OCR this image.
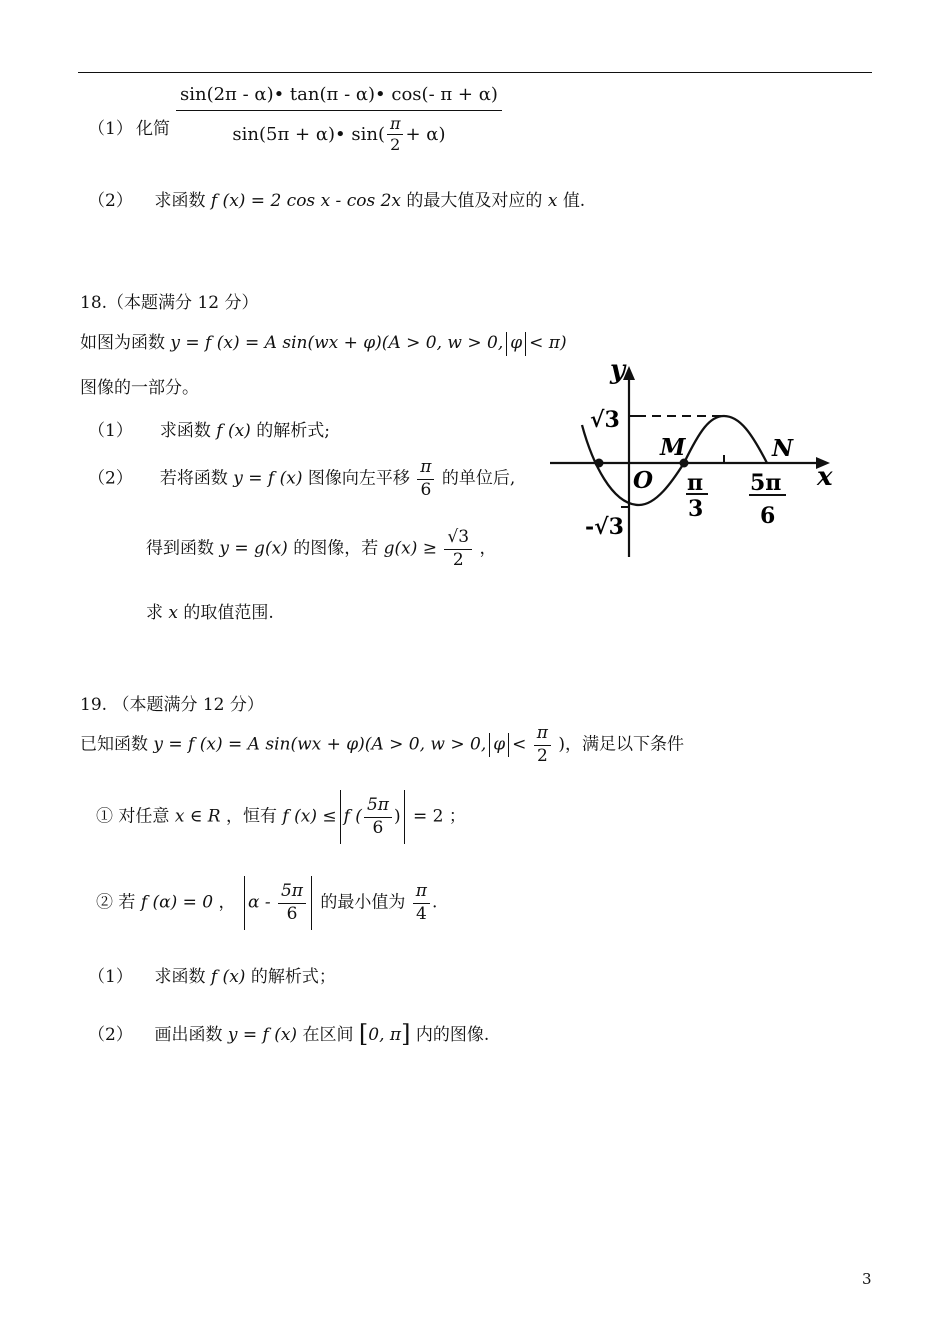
（1） 化简
sin(2π - α)• tan(π - α)• cos(- π + α)
sin(5π + α)• $\sin( \frac{\pi}{2} + \alpha)$
（2） 求函数 f (x) = 2 cos x - cos 2x 的最大值及对应的 x 值.
18.（本题满分 12 分）
如图为函数 y = f (x) = A sin(wx + φ)(A > 0, w > 0, φ < π)
图像的一部分。
（1） 求函数 f (x) 的解析式;
（2） 若将函数 y = f (x) 图像向左平移 $\frac{\pi}{6}$ 的单位后,
得到函数 y = g(x) 的图像，若 $g(x) \ge \frac{√3}{2}$ ，
求 x 的取值范围.
y
x
√3
-√3
O
M	N
π
3
5π
6
19. （本题满分 12 分）
已知函数 y = f (x) = A sin(wx + φ)(A > 0, w > 0, $\varphi < \frac{\pi}{2}$ )，满足以下条件
① 对任意 x ∈ R ，恒有 f (x) ≤ f ( $\frac{5\pi}{6}$ ) = 2 ；
② 若 f (α) = 0 ， α - $\frac{5\pi}{6}$ 的最小值为 $\frac{\pi}{4}$ .
（1） 求函数 f (x) 的解析式；
（2） 画出函数 y = f (x) 在区间 [0, π] 内的图像.
3
